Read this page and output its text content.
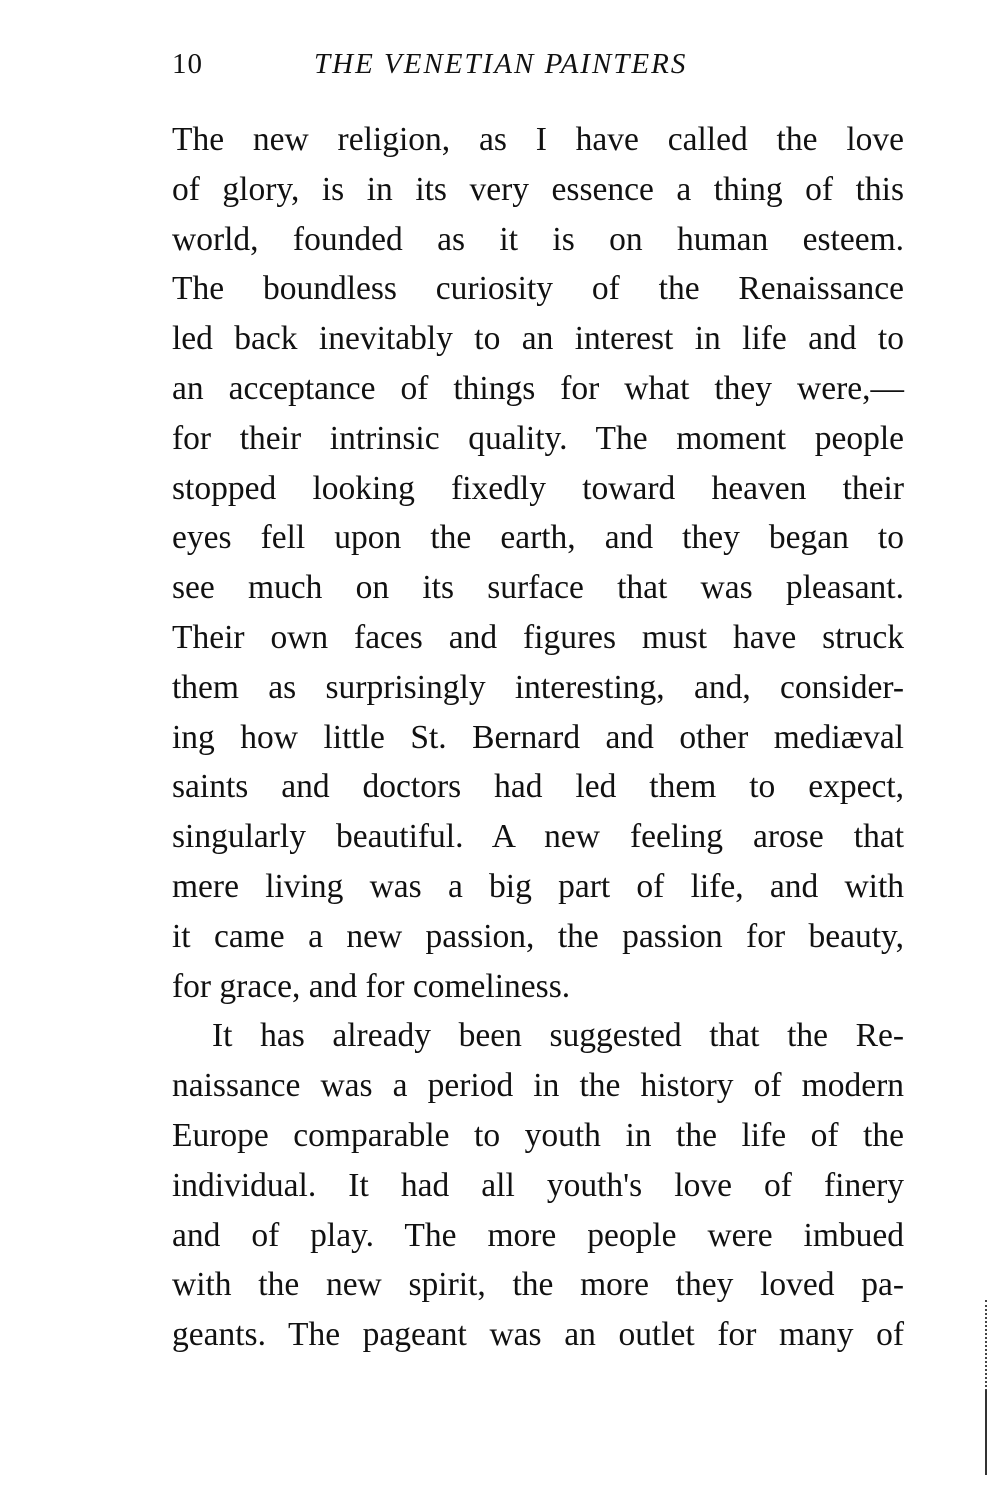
10	THE VENETIAN PAINTERS
The new religion, as I have called the love
of glory, is in its very essence a thing of this
world, founded as it is on human esteem.
The boundless curiosity of the Renaissance
led back inevitably to an interest in life and to
an acceptance of things for what they were,—
for their intrinsic quality. The moment people
stopped looking fixedly toward heaven their
eyes fell upon the earth, and they began to
see much on its surface that was pleasant.
Their own faces and figures must have struck
them as surprisingly interesting, and, consider-
ing how little St. Bernard and other mediæval
saints and doctors had led them to expect,
singularly beautiful. A new feeling arose that
mere living was a big part of life, and with
it came a new passion, the passion for beauty,
for grace, and for comeliness.
It has already been suggested that the Re-
naissance was a period in the history of modern
Europe comparable to youth in the life of the
individual. It had all youth's love of finery
and of play. The more people were imbued
with the new spirit, the more they loved pa-
geants. The pageant was an outlet for many of
